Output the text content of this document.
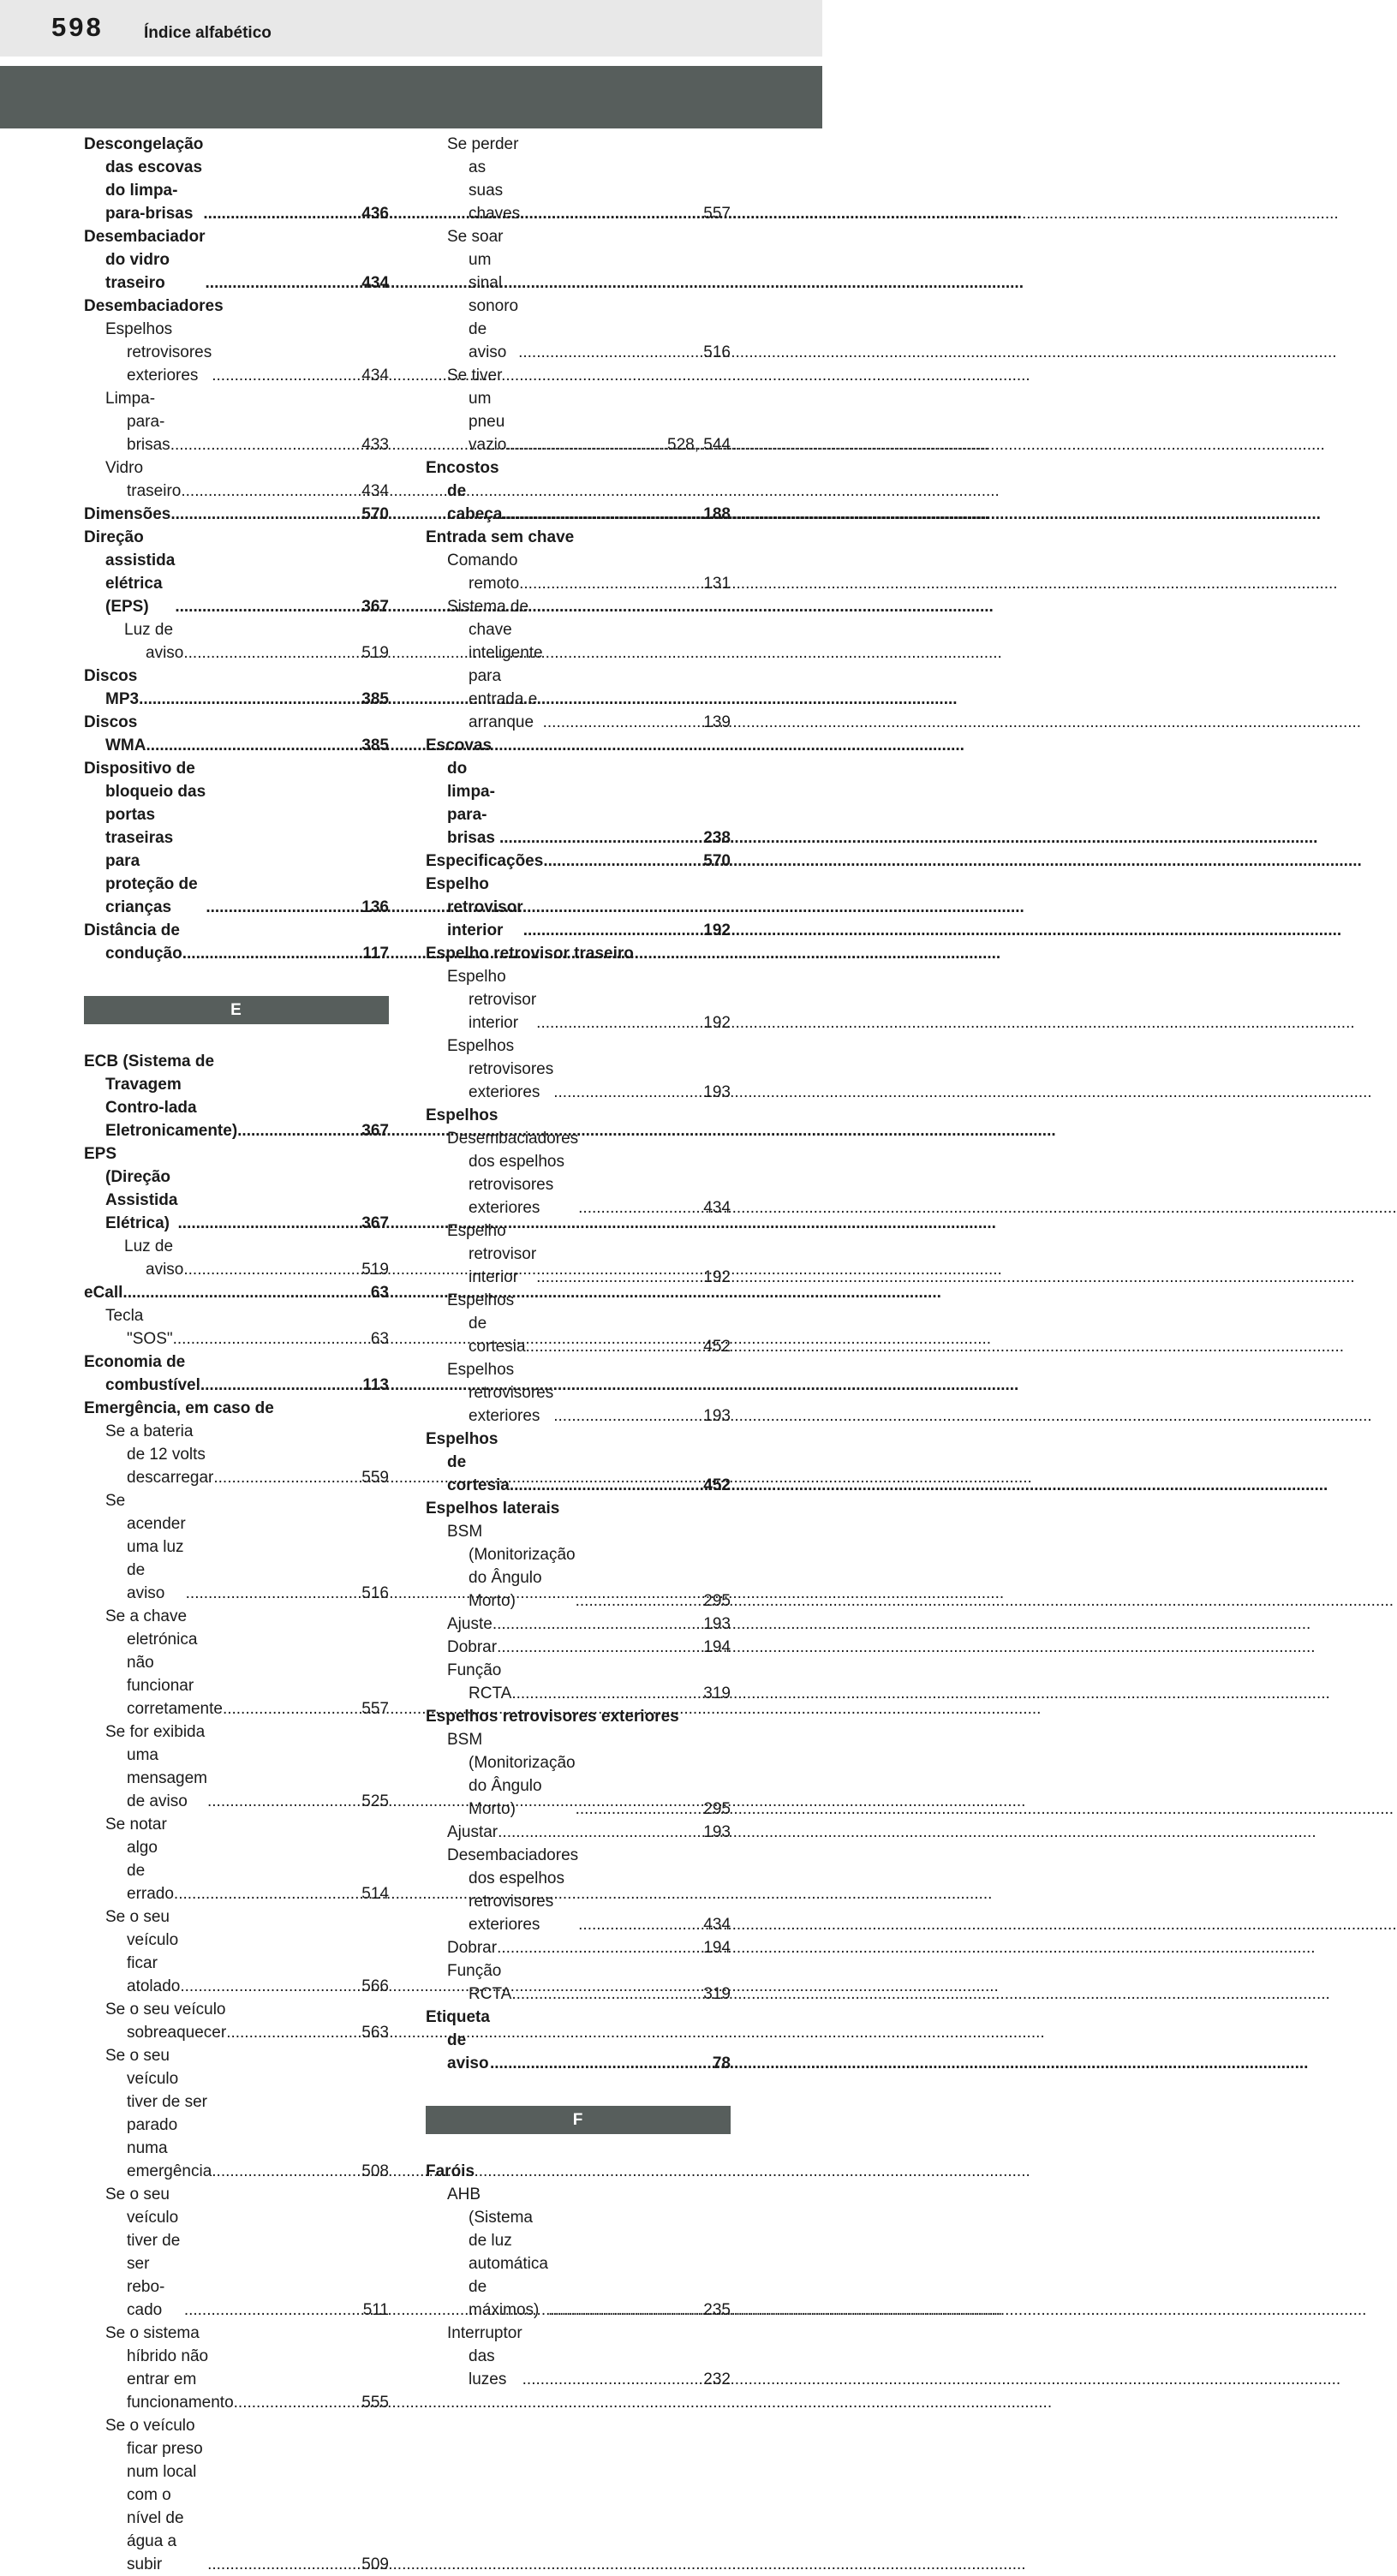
598 Índice alfabético
Descongelação das escovas do limpa-para-brisas .....	436
Desembaciador do vidro traseiro .....	434
Desembaciadores
Espelhos retrovisores exteriores .....	434
Limpa-para-brisas .....	433
Vidro traseiro .....	434
Dimensões .....	570
Direção assistida elétrica (EPS) .....	367
Luz de aviso .....	519
Discos MP3 .....	385
Discos WMA .....	385
Dispositivo de bloqueio das portas traseiras para proteção de crianças .....	136
Distância de condução .....	117
E
ECB (Sistema de Travagem Contro-lada Eletronicamente) .....	367
EPS (Direção Assistida Elétrica) .....	367
Luz de aviso .....	519
eCall .....	63
Tecla "SOS" .....	63
Economia de combustível .....	113
Emergência, em caso de
Se a bateria de 12 volts descarregar .....	559
Se acender uma luz de aviso .....	516
Se a chave eletrónica não funcionar corretamente .....	557
Se for exibida uma mensagem de aviso .....	525
Se notar algo de errado .....	514
Se o seu veículo ficar atolado .....	566
Se o seu veículo sobreaquecer .....	563
Se o seu veículo tiver de ser parado numa emergência .....	508
Se o seu veículo tiver de ser rebo-cado .....	511
Se o sistema híbrido não entrar em funcionamento .....	555
Se o veículo ficar preso num local com o nível de água a subir .....	509
Se perder as suas chaves .....	557
Se soar um sinal sonoro de aviso .....	516
Se tiver um pneu vazio .....	528, 544
Encostos de cabeça .....	188
Entrada sem chave
Comando remoto .....	131
Sistema de chave inteligente para entrada e arranque .....	139
Escovas do limpa-para-brisas .....	238
Especificações .....	570
Espelho retrovisor interior .....	192
Espelho retrovisor traseiro
Espelho retrovisor interior .....	192
Espelhos retrovisores exteriores .....	193
Espelhos
Desembaciadores dos espelhos retrovisores exteriores .....	434
Espelho retrovisor interior .....	192
Espelhos de cortesia .....	452
Espelhos retrovisores exteriores .....	193
Espelhos de cortesia .....	452
Espelhos laterais
BSM (Monitorização do Ângulo Morto) .....	295
Ajuste .....	193
Dobrar .....	194
Função RCTA .....	319
Espelhos retrovisores exteriores
BSM (Monitorização do Ângulo Morto) .....	295
Ajustar .....	193
Desembaciadores dos espelhos retrovisores exteriores .....	434
Dobrar .....	194
Função RCTA .....	319
Etiqueta de aviso .....	78
F
Faróis
AHB (Sistema de luz automática de máximos) .....	235
Interruptor das luzes .....	232
